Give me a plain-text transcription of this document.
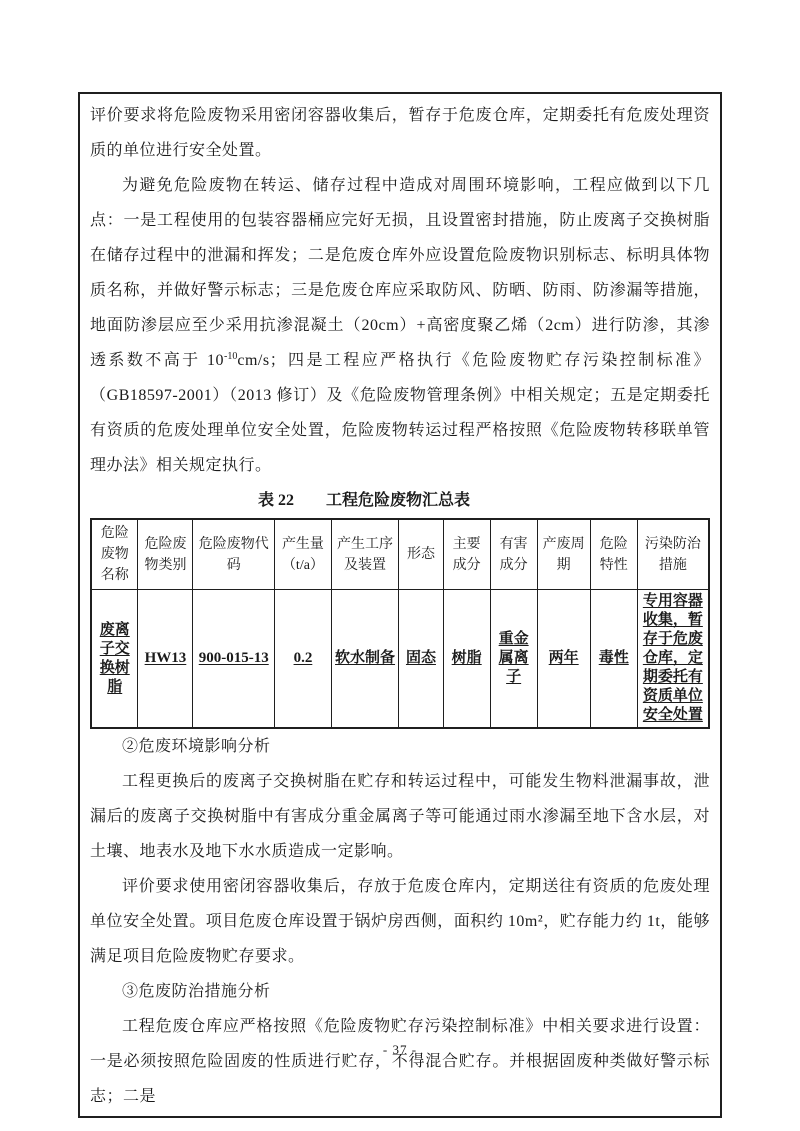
评价要求将危险废物采用密闭容器收集后，暂存于危废仓库，定期委托有危废处理资质的单位进行安全处置。

为避免危险废物在转运、储存过程中造成对周围环境影响，工程应做到以下几点：一是工程使用的包装容器桶应完好无损，且设置密封措施，防止废离子交换树脂在储存过程中的泄漏和挥发；二是危废仓库外应设置危险废物识别标志、标明具体物质名称，并做好警示标志；三是危废仓库应采取防风、防晒、防雨、防渗漏等措施，地面防渗层应至少采用抗渗混凝土（20cm）+高密度聚乙烯（2cm）进行防渗，其渗透系数不高于 $10^{-10}cm/s$；四是工程应严格执行《危险废物贮存污染控制标准》（GB18597-2001）（2013 修订）及《危险废物管理条例》中相关规定；五是定期委托有资质的危废处理单位安全处置，危险废物转运过程严格按照《危险废物转移联单管理办法》相关规定执行。

表 22　　工程危险废物汇总表
危险废物名称	危险废物类别	危险废物代码	产生量（t/a）	产生工序及装置	形态	主要成分	有害成分	产废周期	危险特性	污染防治措施
废离子交换树脂	HW13	900-015-13	0.2	软水制备	固态	树脂	重金属离子	两年	毒性	专用容器收集，暂存于危废仓库，定期委托有资质单位安全处置

②危废环境影响分析

工程更换后的废离子交换树脂在贮存和转运过程中，可能发生物料泄漏事故，泄漏后的废离子交换树脂中有害成分重金属离子等可能通过雨水渗漏至地下含水层，对土壤、地表水及地下水水质造成一定影响。

评价要求使用密闭容器收集后，存放于危废仓库内，定期送往有资质的危废处理单位安全处置。项目危废仓库设置于锅炉房西侧，面积约 10m²，贮存能力约 1t，能够满足项目危险废物贮存要求。

③危废防治措施分析

工程危废仓库应严格按照《危险废物贮存污染控制标准》中相关要求进行设置：一是必须按照危险固废的性质进行贮存，不得混合贮存。并根据固废种类做好警示标志；二是

- 37 -
